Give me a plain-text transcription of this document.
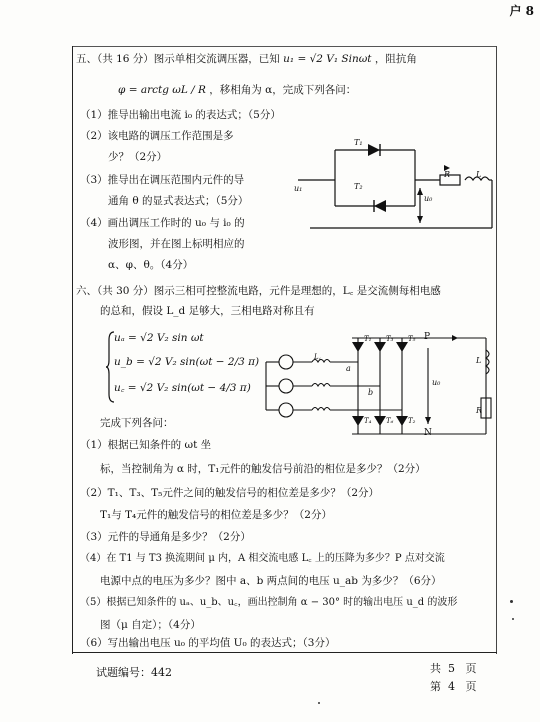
户 8
五、（共 16 分）图示单相交流调压器，已知 u₁ = √2 V₁ Sinωt ，阻抗角
φ = arctg ωL / R ，移相角为 α，完成下列各问：
（1）推导出输出电流 i₀ 的表达式；（5分）
（2）该电路的调压工作范围是多
少？（2分）
（3）推导出在调压范围内元件的导
通角 θ 的显式表达式；（5分）
（4）画出调压工作时的 u₀ 与 i₀ 的
波形图，并在图上标明相应的
α、φ、θ。（4分）
T₁
T₂
u₁
u₀
R	L
六、（共 30 分）图示三相可控整流电路，元件是理想的，L꜀ 是交流侧每相电感
的总和，假设 L_d 足够大，三相电路对称且有
uₐ = √2 V₂ sin ωt
u_b = √2 V₂ sin(ωt − 2/3 π)
u꜀ = √2 V₂ sin(ωt − 4/3 π)
完成下列各问：
T₁ T₃ T₅
T₄ T₆ T₂
P
N
a
b
u₀
R
L
L꜀
（1）根据已知条件的 ωt 坐
标，当控制角为 α 时，T₁元件的触发信号前沿的相位是多少？（2分）
（2）T₁、T₃、T₅元件之间的触发信号的相位差是多少？（2分）
T₁与 T₄元件的触发信号的相位差是多少？（2分）
（3）元件的导通角是多少？（2分）
（4）在 T1 与 T3 换流期间 μ 内，A 相交流电感 L꜀ 上的压降为多少？P 点对交流
电源中点的电压为多少？图中 a、b 两点间的电压 u_ab 为多少？（6分）
（5）根据已知条件的 uₐ、u_b、u꜀，画出控制角 α − 30° 时的输出电压 u_d 的波形
图（μ 自定）；（4分）
（6）写出输出电压 u₀ 的平均值 U₀ 的表达式；（3分）
试题编号：442	共 5 页
第 4 页
